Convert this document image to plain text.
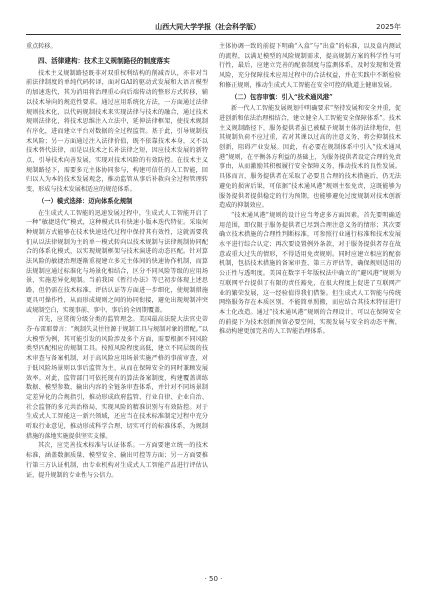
山西大同大学学报（社会科学版）	2025年

重点转移。

四、活律建构：技术主义规制路径的制度落实

技术主义规制路径既非对双重权利结构的削减否认，亦非对当前法律制度的单纯代码转译，面对GAI的驱动式发展和大语言模型的加速迭代，其为消用将治理重心向后端传动的整形方式转移，辅以技术导向的规范性要求。通过应用系统化方法，一方面通过法律规则技术化，以代码规制技术来实现法律与技术的融合，通过技术规则法律化，将技术思维注入立法中，延伸法律框架，使技术规制有序化，进而建立平台对数据的全过程监管。基于此，引导规制技术风险；另一方面通过注入法律价值，既不依靠技术本身，又不以技术替代法律，而是以技术之长补法律之短，因应技术发展的新特点，引导技术向善发展，实现对技术风险的有效防控。在技术主义规制路径下，需要多元主体协同参与，构建可信任的人工智能，回归以人为本的技术发展观念，推动监管从事后补救向全过程管理转变，形成与技术发展相适应的规范体系。

（一）模式选择：迈向体系化规制

在生成式人工智能的迅速发展过程中，生成式人工智能开启了一种“敏捷迭代”模式，这种模式具有快速小版本迭代特征。采取何种规制方式能够在技术快速迭代过程中保持其有效性，这就需要我们从以法律规制为主的单一模式转向以技术规制与法律规制协同配合的体系化模式，以实现规制框架与技术演进的动态匹配。针对算法风险的敏捷治理逐渐重视建立多元主体间的快速协作机制，而算法规制应通过标准化与场景化相结合，区分不同风险等级的应用场景，实施差异化规制。当前我国《暂行办法》等已初步体现上述思路，但仍需在技术标准、评估认证等方面进一步细化，使规制措施更具可操作性，从而形成规则之间的协同衔接，避免出现规制冲突或规制空白，实现事前、事中、事后的全周期覆盖。

首先，应贯彻分级分类的监管理念。美国最高法院大法官史蒂芬·布雷耶曾言：“规制失灵往往源于规制工具与规制对象的错配。”以大模型为例，其可能引发的风险涉及多个方面，需要根据不同风险类型匹配相应的规制工具。按照风险程度高低，建立不同层级的技术审查与备案机制，对于高风险应用场景实施严格的事前审查，对于低风险场景则以事后监管为主，从而在保障安全的同时兼顾发展效率。对此，监管部门可依托现有的算法备案制度，构建覆盖训练数据、模型参数、输出内容的全链条审查体系，并针对不同场景制定差异化的合规指引，推动形成政府监管、行业自律、企业自治、社会监督的多元共治格局，实现风险的精准识别与有效防控。对于生成式人工智能这一新兴领域，还应当在技术标准制定过程中充分听取行业意见，推动形成科学合理、切实可行的标准体系，为规制措施的落地实施提供坚实支撑。

其次，应完善技术标准与认证体系。一方面要建立统一的技术标准，涵盖数据质量、模型安全、输出可控等方面；另一方面要推行第三方认证机制，由专业机构对生成式人工智能产品进行评估认证，提升规制的专业性与公信力。

主体协调一致的前提下明确“入盒”与“出盒”的标准，以及盒内测试的流程，以满足模型的风险规制需求，提高规制方案的科学性与可行性，最后，应建立完善的配套制度与监测体系，及时发现和处置风险，充分保障技术应用过程中的合法权益，并在实践中不断检验和修正规则，推动生成式人工智能在安全可控的轨道上健康发展。

（二）包容审慎：引入“技术通风港”

新一代人工智能发展规划中明确要求“坚持发展和安全并重，促进创新和依法治理相结合，建立健全人工智能安全保障体系”。技术主义规制路径下，服务提供者虽已被赋予规制主体的法律地位，但其规制负荷不应过重，若对其课以过高的注意义务，将会抑制技术创新，阻碍产业发展。因此，有必要在规制体系中引入“技术通风港”规则，在平衡各方利益的基础上，为服务提供者设定合理的免责事由，从而激励其积极履行安全保障义务，推动技术的良性发展。具体而言，服务提供者在采取了必要且合理的技术措施后，仍无法避免的损害后果，可依据“技术通风港”规则主张免责，这既能够为服务提供者提供稳定的行为预期，也能够避免过度规制对技术创新造成的抑制效应。

“技术通风港”规则的设计应当考虑多方面因素。首先要明确适用范围，即仅限于服务提供者已尽到合理注意义务的情形；其次要确立技术措施的合理性判断标准，可参照行业通行标准和技术发展水平进行综合认定；再次要设置例外条款，对于服务提供者存在故意或重大过失的情形，不得适用免责规则。同时应建立相应的配套机制，包括技术措施的备案审查、第三方评估等，确保规则适用的公正性与透明度。美国在数字千年版权法中确立的“避风港”规则为互联网平台提供了有限的责任豁免，在很大程度上促进了互联网产业的繁荣发展，这一经验值得我们借鉴。但生成式人工智能与传统网络服务存在本质区别，不能简单照搬，而应结合其技术特征进行本土化改造。通过“技术通风港”规则的合理设计，可以在保障安全的前提下为技术创新预留必要空间，实现发展与安全的动态平衡，推动构建更加完善的人工智能治理体系。

· 50 ·
